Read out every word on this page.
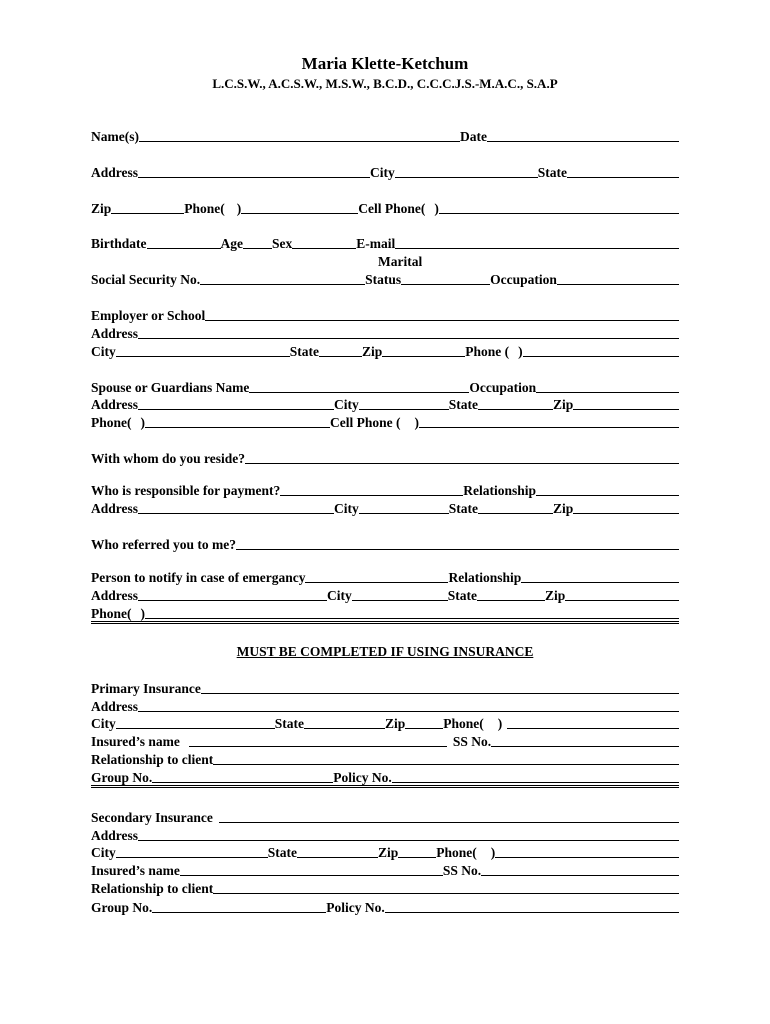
Maria Klette-Ketchum
L.C.S.W., A.C.S.W., M.S.W., B.C.D., C.C.C.J.S.-M.A.C., S.A.P
Name(s)	Date
Address	City	State
Zip	Phone( )	Cell Phone( )
Birthdate	Age Sex	E-mail
Marital
Social Security No.	Status	Occupation
Employer or School
Address
City	State	Zip	Phone ( )
Spouse or Guardians Name	Occupation
Address	City	State	Zip
Phone( )	Cell Phone ( )
With whom do you reside?
Who is responsible for payment?	Relationship
Address	City	State	Zip
Who referred you to me?
Person to notify in case of emergancy	Relationship
Address	City	State	Zip
Phone( )
MUST BE COMPLETED IF USING INSURANCE
Primary Insurance
Address
City	State	Zip	Phone( )
Insured’s name	SS No.
Relationship to client
Group No.	Policy No.
Secondary Insurance
Address
City	State	Zip	Phone( )
Insured’s name	SS No.
Relationship to client
Group No.	Policy No.
